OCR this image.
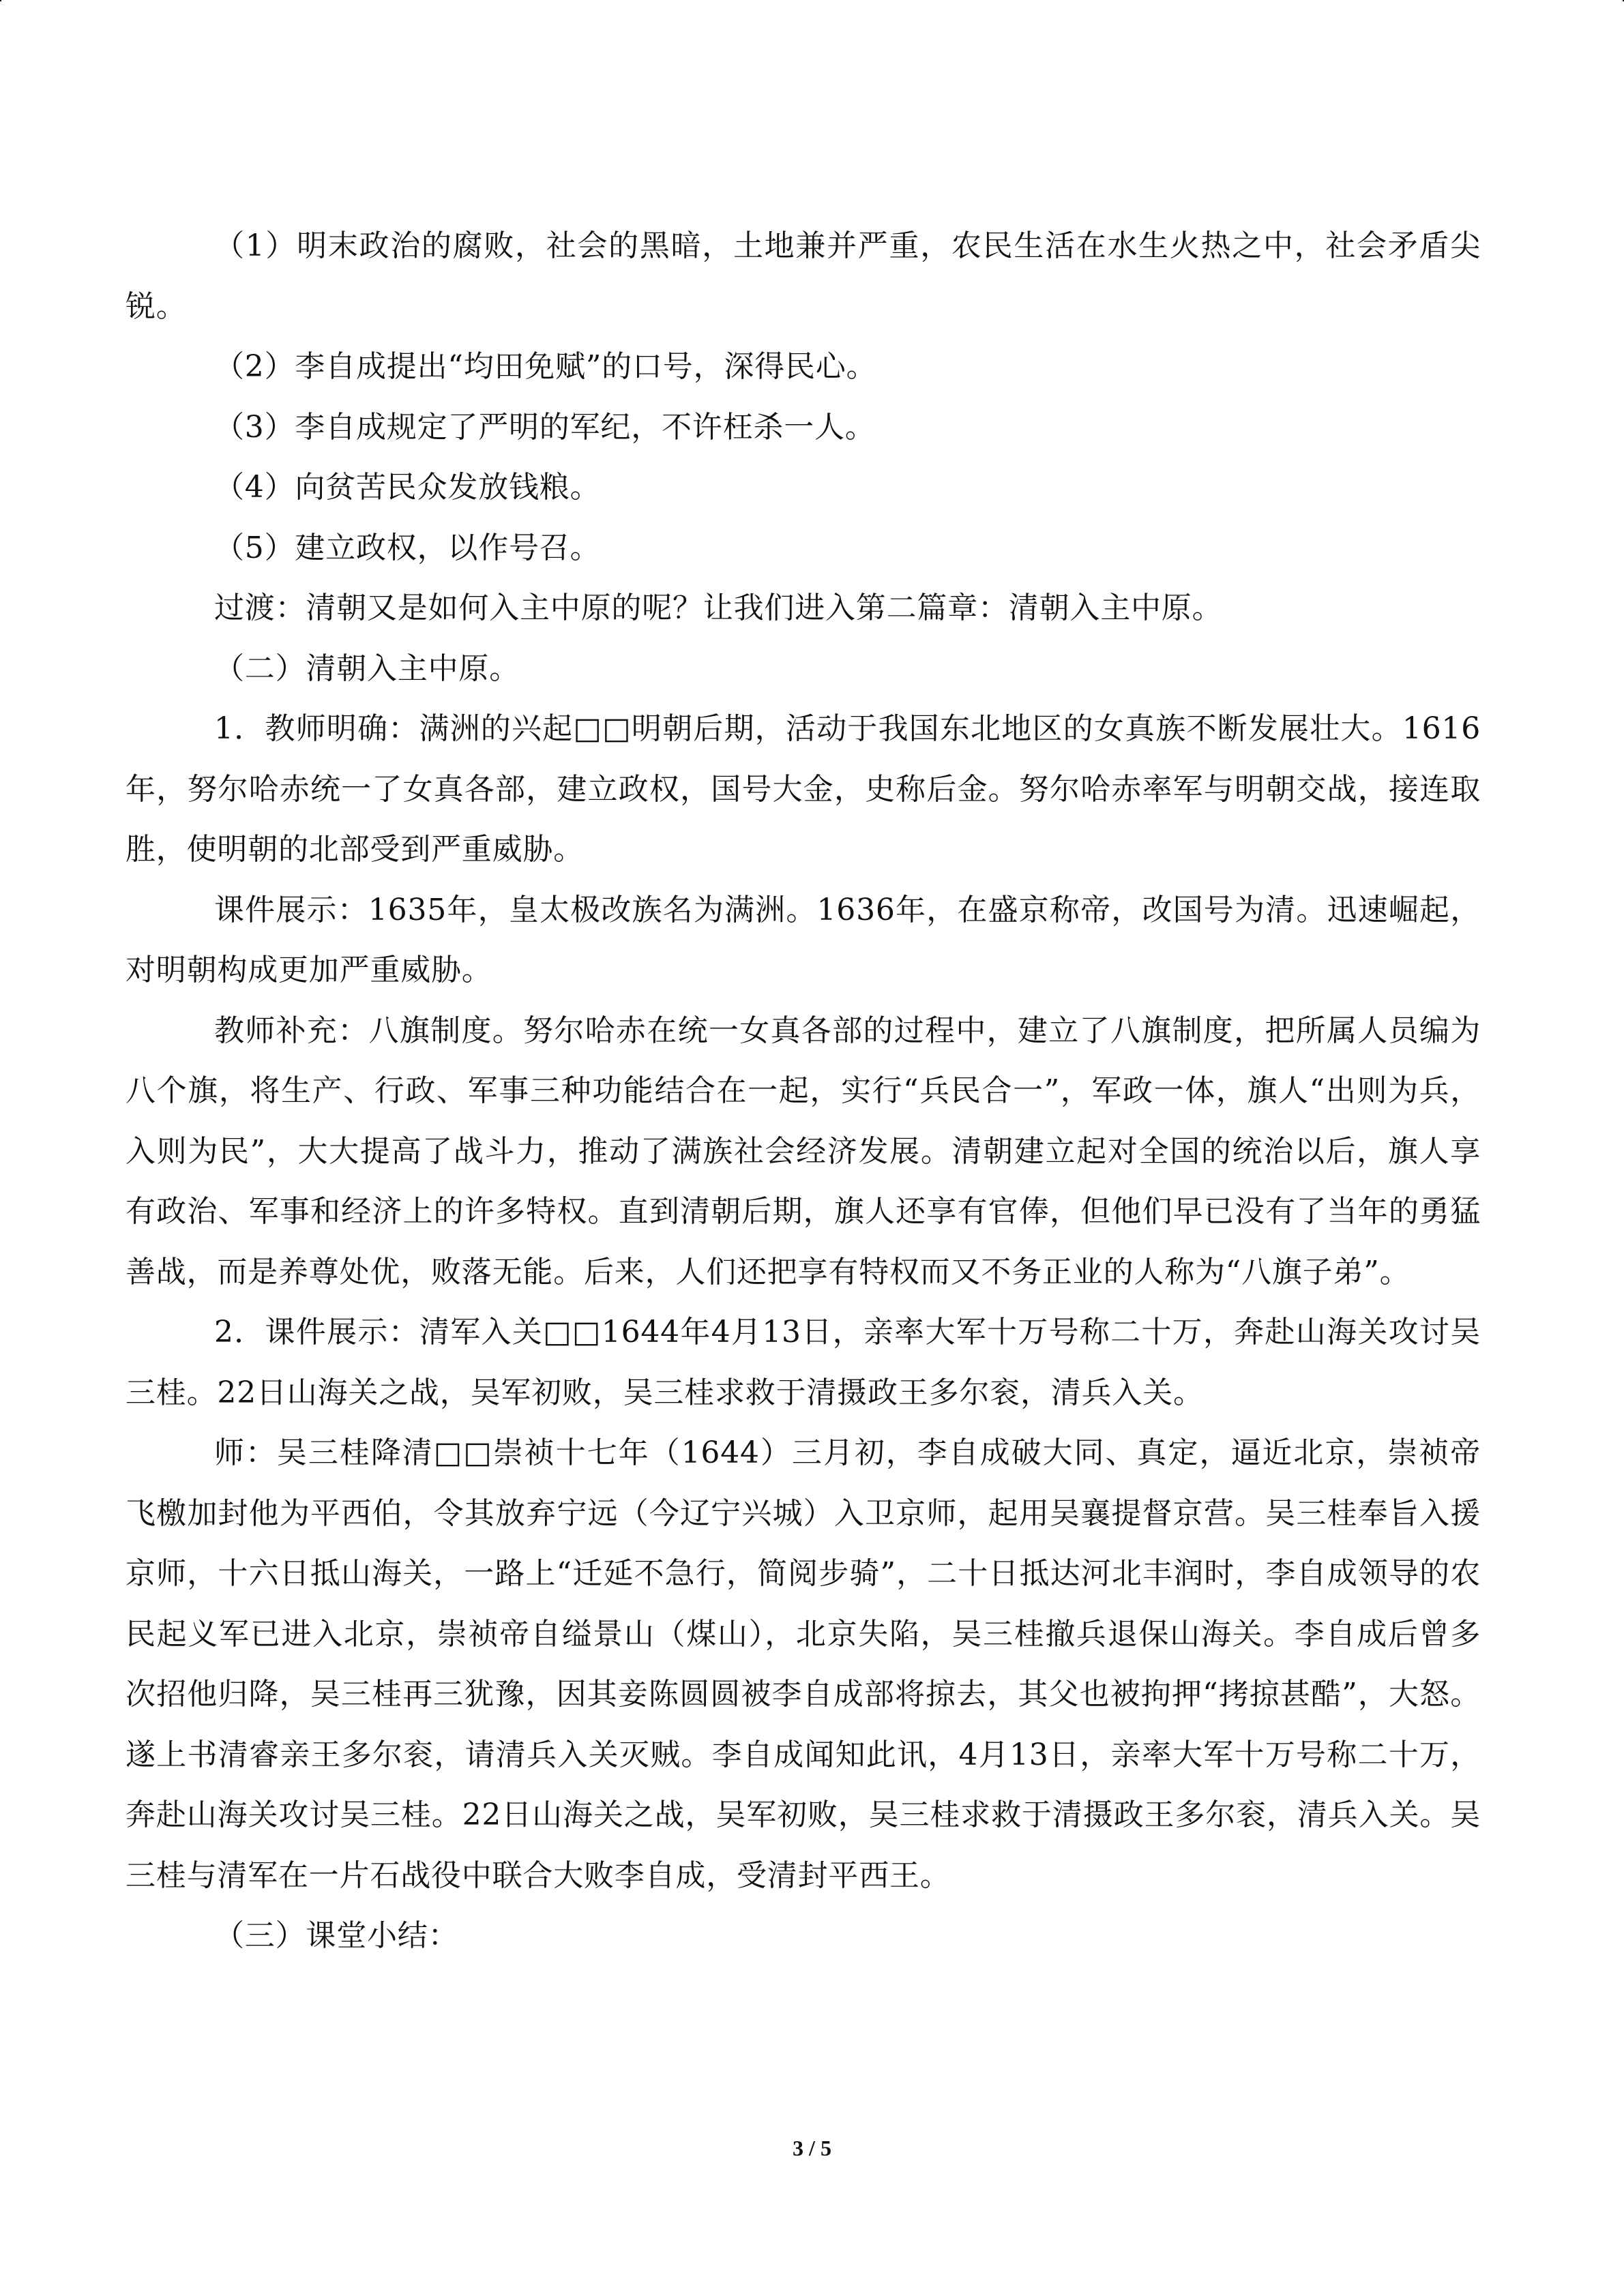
（1）明末政治的腐败，社会的黑暗，土地兼并严重，农民生活在水生火热之中，社会矛盾尖锐。

（2）李自成提出“均田免赋”的口号，深得民心。

（3）李自成规定了严明的军纪，不许枉杀一人。

（4）向贫苦民众发放钱粮。

（5）建立政权，以作号召。

过渡：清朝又是如何入主中原的呢？让我们进入第二篇章：清朝入主中原。

（二）清朝入主中原。

1．教师明确：满洲的兴起□□明朝后期，活动于我国东北地区的女真族不断发展壮大。1616年，努尔哈赤统一了女真各部，建立政权，国号大金，史称后金。努尔哈赤率军与明朝交战，接连取胜，使明朝的北部受到严重威胁。

课件展示：1635年，皇太极改族名为满洲。1636年，在盛京称帝，改国号为清。迅速崛起，对明朝构成更加严重威胁。

教师补充：八旗制度。努尔哈赤在统一女真各部的过程中，建立了八旗制度，把所属人员编为八个旗，将生产、行政、军事三种功能结合在一起，实行“兵民合一”，军政一体，旗人“出则为兵，入则为民”，大大提高了战斗力，推动了满族社会经济发展。清朝建立起对全国的统治以后，旗人享有政治、军事和经济上的许多特权。直到清朝后期，旗人还享有官俸，但他们早已没有了当年的勇猛善战，而是养尊处优，败落无能。后来，人们还把享有特权而又不务正业的人称为“八旗子弟”。

2．课件展示：清军入关□□1644年4月13日，亲率大军十万号称二十万，奔赴山海关攻讨吴三桂。22日山海关之战，吴军初败，吴三桂求救于清摄政王多尔衮，清兵入关。

师：吴三桂降清□□崇祯十七年（1644）三月初，李自成破大同、真定，逼近北京，崇祯帝飞檄加封他为平西伯，令其放弃宁远（今辽宁兴城）入卫京师，起用吴襄提督京营。吴三桂奉旨入援京师，十六日抵山海关，一路上“迁延不急行，简阅步骑”，二十日抵达河北丰润时，李自成领导的农民起义军已进入北京，崇祯帝自缢景山（煤山），北京失陷，吴三桂撤兵退保山海关。李自成后曾多次招他归降，吴三桂再三犹豫，因其妾陈圆圆被李自成部将掠去，其父也被拘押“拷掠甚酷”，大怒。遂上书清睿亲王多尔衮，请清兵入关灭贼。李自成闻知此讯，4月13日，亲率大军十万号称二十万，奔赴山海关攻讨吴三桂。22日山海关之战，吴军初败，吴三桂求救于清摄政王多尔衮，清兵入关。吴三桂与清军在一片石战役中联合大败李自成，受清封平西王。

（三）课堂小结：

3 / 5
